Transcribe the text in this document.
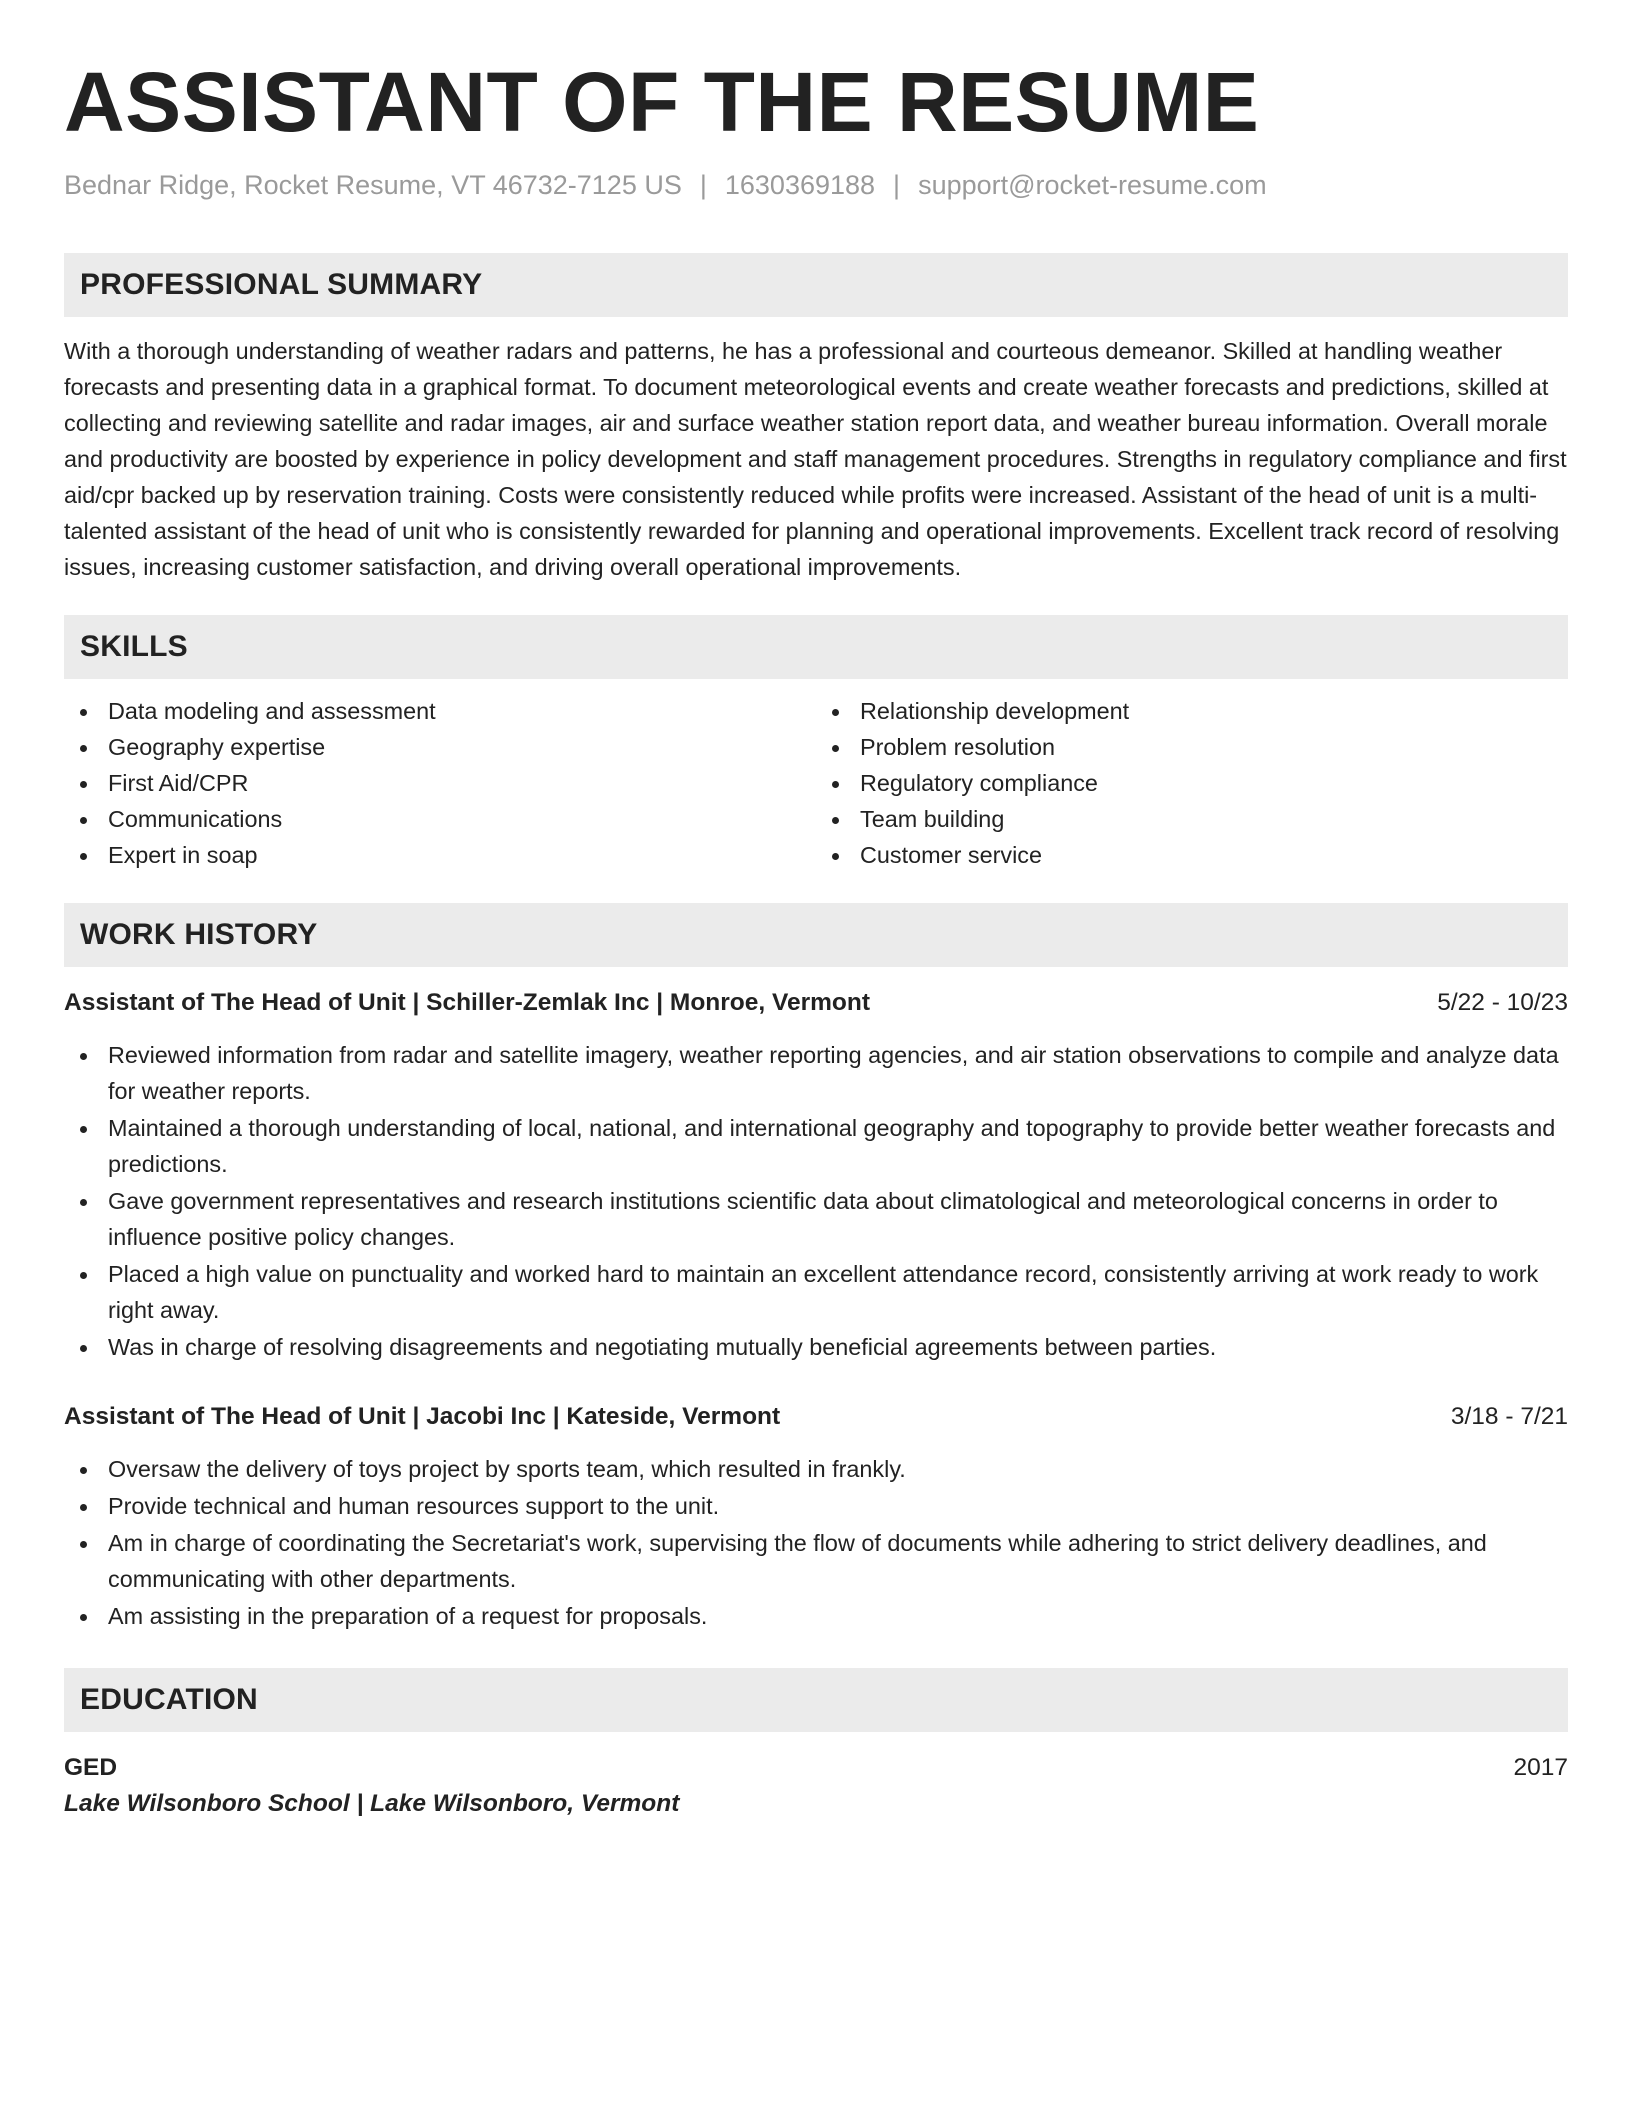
ASSISTANT OF THE RESUME
Bednar Ridge, Rocket Resume, VT 46732-7125 US | 1630369188 | support@rocket-resume.com
PROFESSIONAL SUMMARY

With a thorough understanding of weather radars and patterns, he has a professional and courteous demeanor. Skilled at handling weather forecasts and presenting data in a graphical format. To document meteorological events and create weather forecasts and predictions, skilled at collecting and reviewing satellite and radar images, air and surface weather station report data, and weather bureau information. Overall morale and productivity are boosted by experience in policy development and staff management procedures. Strengths in regulatory compliance and first aid/cpr backed up by reservation training. Costs were consistently reduced while profits were increased. Assistant of the head of unit is a multi-talented assistant of the head of unit who is consistently rewarded for planning and operational improvements. Excellent track record of resolving issues, increasing customer satisfaction, and driving overall operational improvements.

SKILLS
Data modeling and assessment
Geography expertise
First Aid/CPR
Communications
Expert in soap
Relationship development
Problem resolution
Regulatory compliance
Team building
Customer service
WORK HISTORY
Assistant of The Head of Unit | Schiller-Zemlak Inc | Monroe, Vermont	5/22 - 10/23
Reviewed information from radar and satellite imagery, weather reporting agencies, and air station observations to compile and analyze data for weather reports.
Maintained a thorough understanding of local, national, and international geography and topography to provide better weather forecasts and predictions.
Gave government representatives and research institutions scientific data about climatological and meteorological concerns in order to influence positive policy changes.
Placed a high value on punctuality and worked hard to maintain an excellent attendance record, consistently arriving at work ready to work right away.
Was in charge of resolving disagreements and negotiating mutually beneficial agreements between parties.
Assistant of The Head of Unit | Jacobi Inc | Kateside, Vermont	3/18 - 7/21
Oversaw the delivery of toys project by sports team, which resulted in frankly.
Provide technical and human resources support to the unit.
Am in charge of coordinating the Secretariat's work, supervising the flow of documents while adhering to strict delivery deadlines, and communicating with other departments.
Am assisting in the preparation of a request for proposals.
EDUCATION
GED	2017
Lake Wilsonboro School | Lake Wilsonboro, Vermont
